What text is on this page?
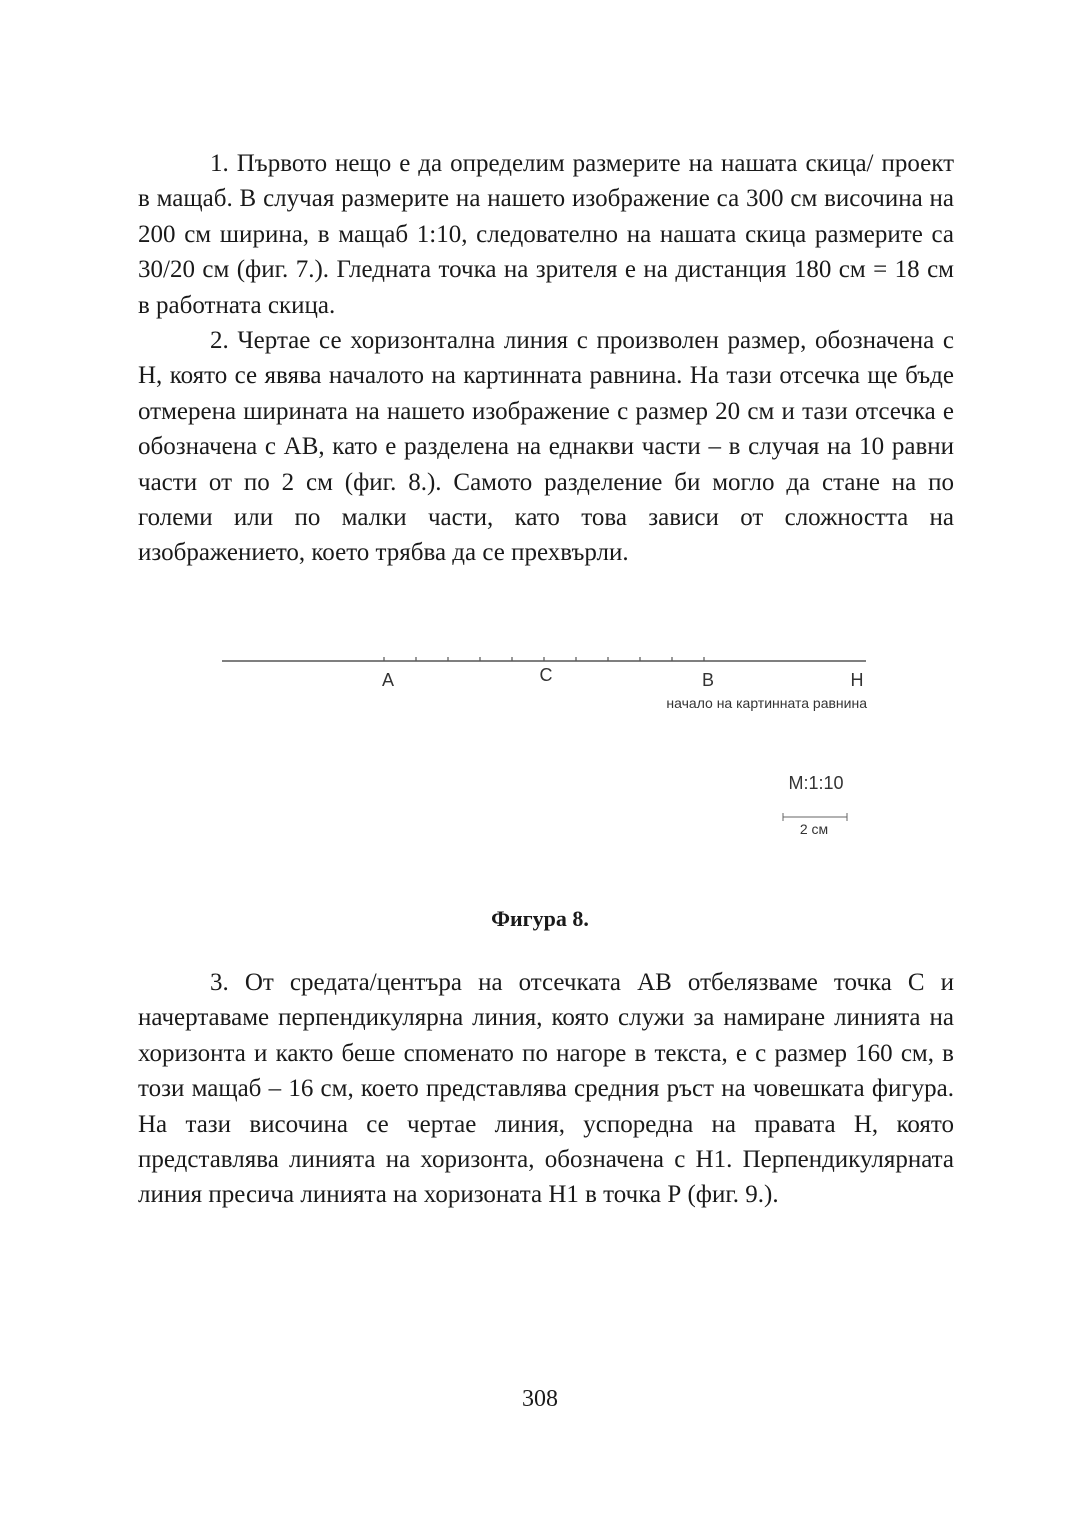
1. Първото нещо е да определим размерите на нашата скица/ проект в мащаб. В случая размерите на нашето изображение са 300 см височина на 200 см ширина, в мащаб 1:10, следователно на нашата скица размерите са 30/20 см (фиг. 7.). Гледната точка на зрителя е на дистанция 180 см = 18 см в работната скица.
2. Чертае се хоризонтална линия с произволен размер, обозначена с Н, която се явява началото на картинната равнина. На тази отсечка ще бъде отмерена ширината на нашето изображение с размер 20 см и тази отсечка е обозначена с АВ, като е разделена на еднакви части – в случая на 10 равни части от по 2 см (фиг. 8.). Самото разделение би могло да стане на по големи или по малки части, като това зависи от сложността на изображението, което трябва да се прехвърли.
A	C	B	H
начало на картинната равнина
M:1:10
2 см
Фигура 8.
3. От средата/центъра на отсечката АВ отбелязваме точка С и начертаваме перпендикулярна линия, която служи за намиране линията на хоризонта и както беше споменато по нагоре в текста, е с размер 160 см, в този мащаб – 16 см, което представлява средния ръст на човешката фигура. На тази височина се чертае линия, успоредна на правата Н, която представлява линията на хоризонта, обозначена с Н1. Перпендикулярната линия пресича линията на хоризоната Н1 в точка Р (фиг. 9.).
308
